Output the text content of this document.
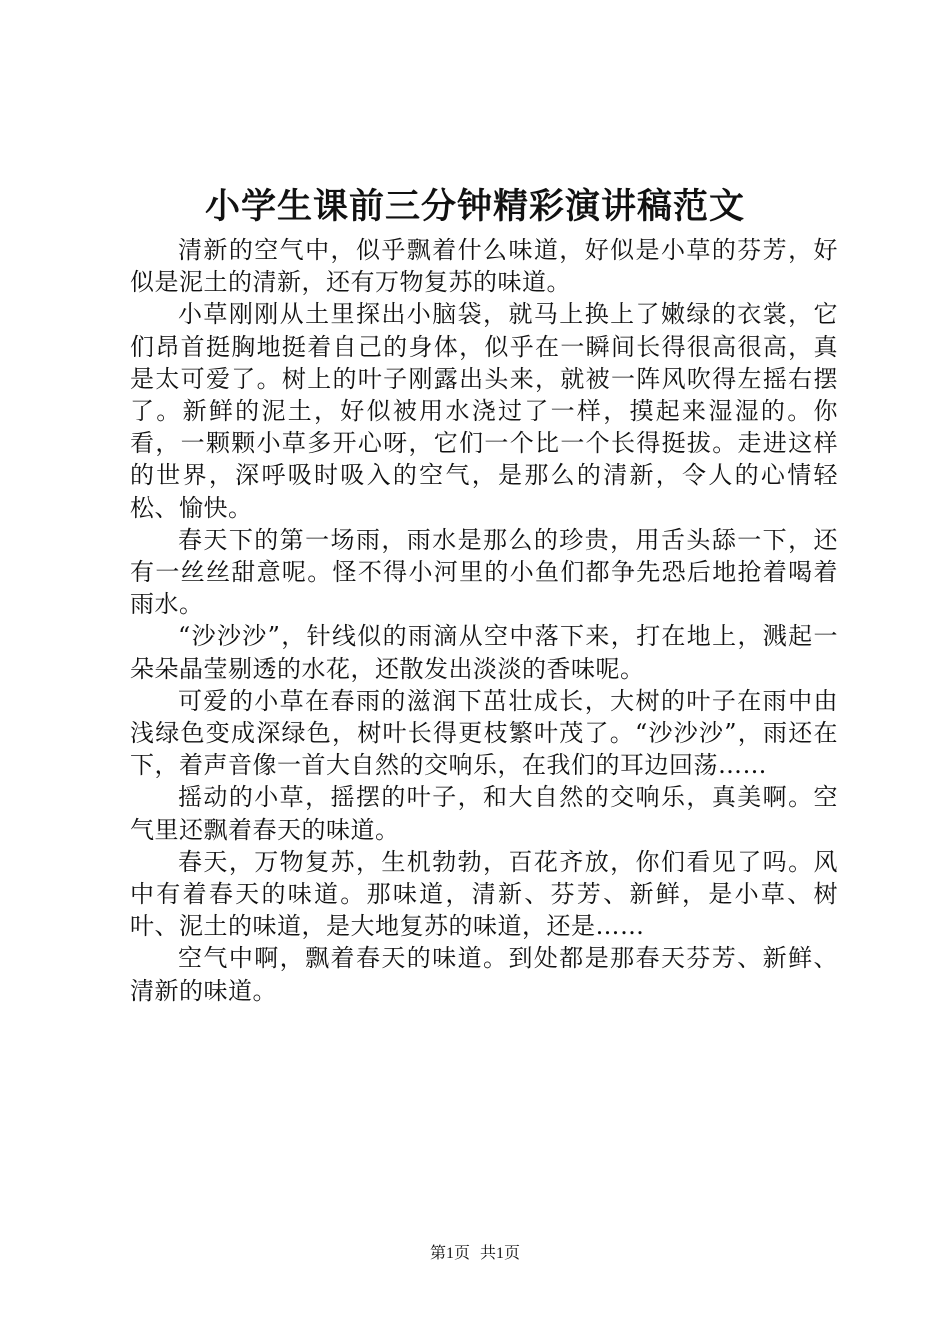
小学生课前三分钟精彩演讲稿范文

清新的空气中，似乎飘着什么味道，好似是小草的芬芳，好似是泥土的清新，还有万物复苏的味道。

小草刚刚从土里探出小脑袋，就马上换上了嫩绿的衣裳，它们昂首挺胸地挺着自己的身体，似乎在一瞬间长得很高很高，真是太可爱了。树上的叶子刚露出头来，就被一阵风吹得左摇右摆了。新鲜的泥土，好似被用水浇过了一样，摸起来湿湿的。你看，一颗颗小草多开心呀，它们一个比一个长得挺拔。走进这样的世界，深呼吸时吸入的空气，是那么的清新，令人的心情轻松、愉快。

春天下的第一场雨，雨水是那么的珍贵，用舌头舔一下，还有一丝丝甜意呢。怪不得小河里的小鱼们都争先恐后地抢着喝着雨水。

“沙沙沙”，针线似的雨滴从空中落下来，打在地上，溅起一朵朵晶莹剔透的水花，还散发出淡淡的香味呢。

可爱的小草在春雨的滋润下茁壮成长，大树的叶子在雨中由浅绿色变成深绿色，树叶长得更枝繁叶茂了。“沙沙沙”，雨还在下，着声音像一首大自然的交响乐，在我们的耳边回荡……

摇动的小草，摇摆的叶子，和大自然的交响乐，真美啊。空气里还飘着春天的味道。

春天，万物复苏，生机勃勃，百花齐放，你们看见了吗。风中有着春天的味道。那味道，清新、芬芳、新鲜，是小草、树叶、泥土的味道，是大地复苏的味道，还是……

空气中啊，飘着春天的味道。到处都是那春天芬芳、新鲜、清新的味道。

第1页 共1页
